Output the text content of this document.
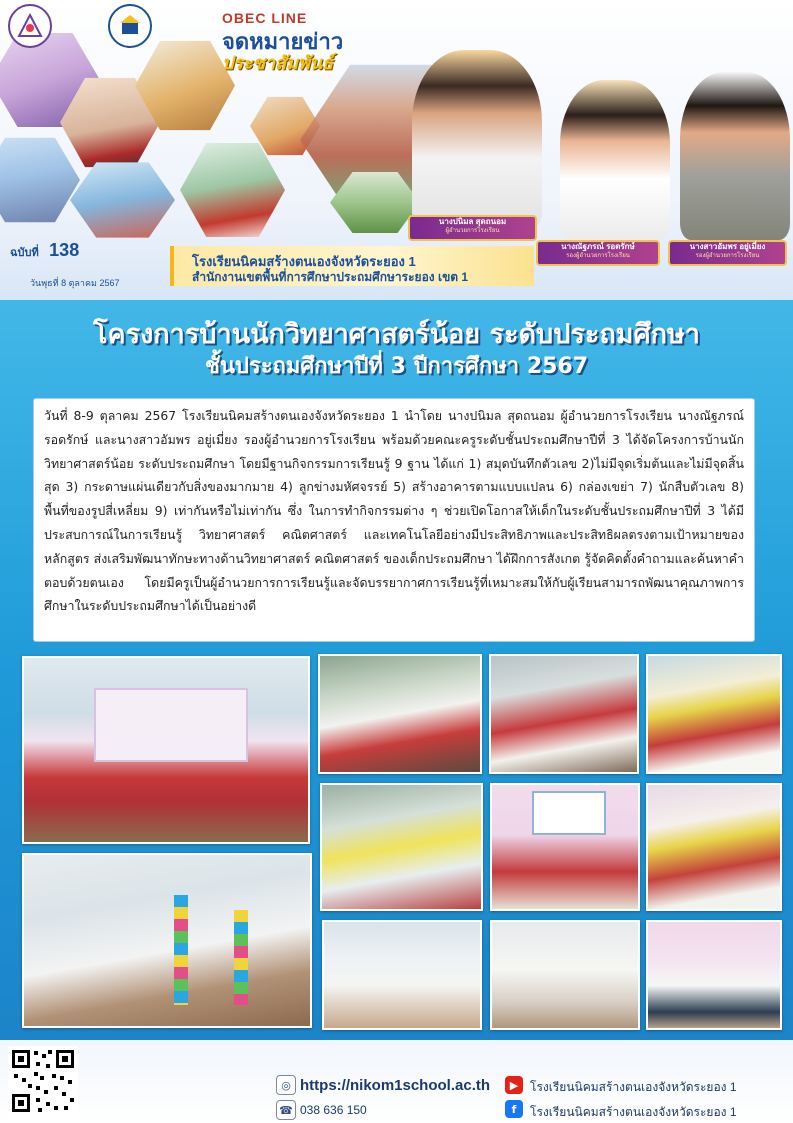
OBEC LINE
จดหมายข่าว
ประชาสัมพันธ์
นางปนิมล สุดถนอม
ผู้อำนวยการโรงเรียน
นางณัฐภรณ์ รอดรักษ์
รองผู้อำนวยการโรงเรียน
นางสาวอัมพร อยู่เมี่ยง
รองผู้อำนวยการโรงเรียน
ฉบับที่ 138
วันพุธที่ 8 ตุลาคม 2567
โรงเรียนนิคมสร้างตนเองจังหวัดระยอง 1
สำนักงานเขตพื้นที่การศึกษาประถมศึกษาระยอง เขต 1
โครงการบ้านนักวิทยาศาสตร์น้อย ระดับประถมศึกษา
ชั้นประถมศึกษาปีที่ 3 ปีการศึกษา 2567

วันที่ 8-9 ตุลาคม 2567 โรงเรียนนิคมสร้างตนเองจังหวัดระยอง 1 นำโดย นางปนิมล สุดถนอม ผู้อำนวยการโรงเรียน นางณัฐภรณ์ รอดรักษ์ และนางสาวอัมพร อยู่เมี่ยง รองผู้อำนวยการโรงเรียน พร้อมด้วยคณะครูระดับชั้นประถมศึกษาปีที่ 3 ได้จัดโครงการบ้านนักวิทยาศาสตร์น้อย ระดับประถมศึกษา โดยมีฐานกิจกรรมการเรียนรู้ 9 ฐาน ได้แก่ 1) สมุดบันทึกตัวเลข 2)ไม่มีจุดเริ่มต้นและไม่มีจุดสิ้นสุด 3) กระดาษแผ่นเดียวกับสิ่งของมากมาย 4) ลูกข่างมหัศจรรย์ 5) สร้างอาคารตามแบบแปลน 6) กล่องเขย่า 7) นักสืบตัวเลข 8) พื้นที่ของรูปสี่เหลี่ยม 9) เท่ากันหรือไม่เท่ากัน ซึ่ง ในการทำกิจกรรมต่าง ๆ ช่วยเปิดโอกาสให้เด็กในระดับชั้นประถมศึกษาปีที่ 3 ได้มีประสบการณ์ในการเรียนรู้ วิทยาศาสตร์ คณิตศาสตร์ และเทคโนโลยีอย่างมีประสิทธิภาพและประสิทธิผลตรงตามเป้าหมายของหลักสูตร ส่งเสริมพัฒนาทักษะทางด้านวิทยาศาสตร์ คณิตศาสตร์ ของเด็กประถมศึกษา ได้ฝึกการสังเกต รู้จัดคิดตั้งคำถามและค้นหาคำตอบด้วยตนเอง โดยมีครูเป็นผู้อำนวยการการเรียนรู้และจัดบรรยากาศการเรียนรู้ที่เหมาะสมให้กับผู้เรียนสามารถพัฒนาคุณภาพการศึกษาในระดับประถมศึกษาได้เป็นอย่างดี

◎ https://nikom1school.ac.th
☎ 038 636 150
▶ โรงเรียนนิคมสร้างตนเองจังหวัดระยอง 1
f	โรงเรียนนิคมสร้างตนเองจังหวัดระยอง 1
